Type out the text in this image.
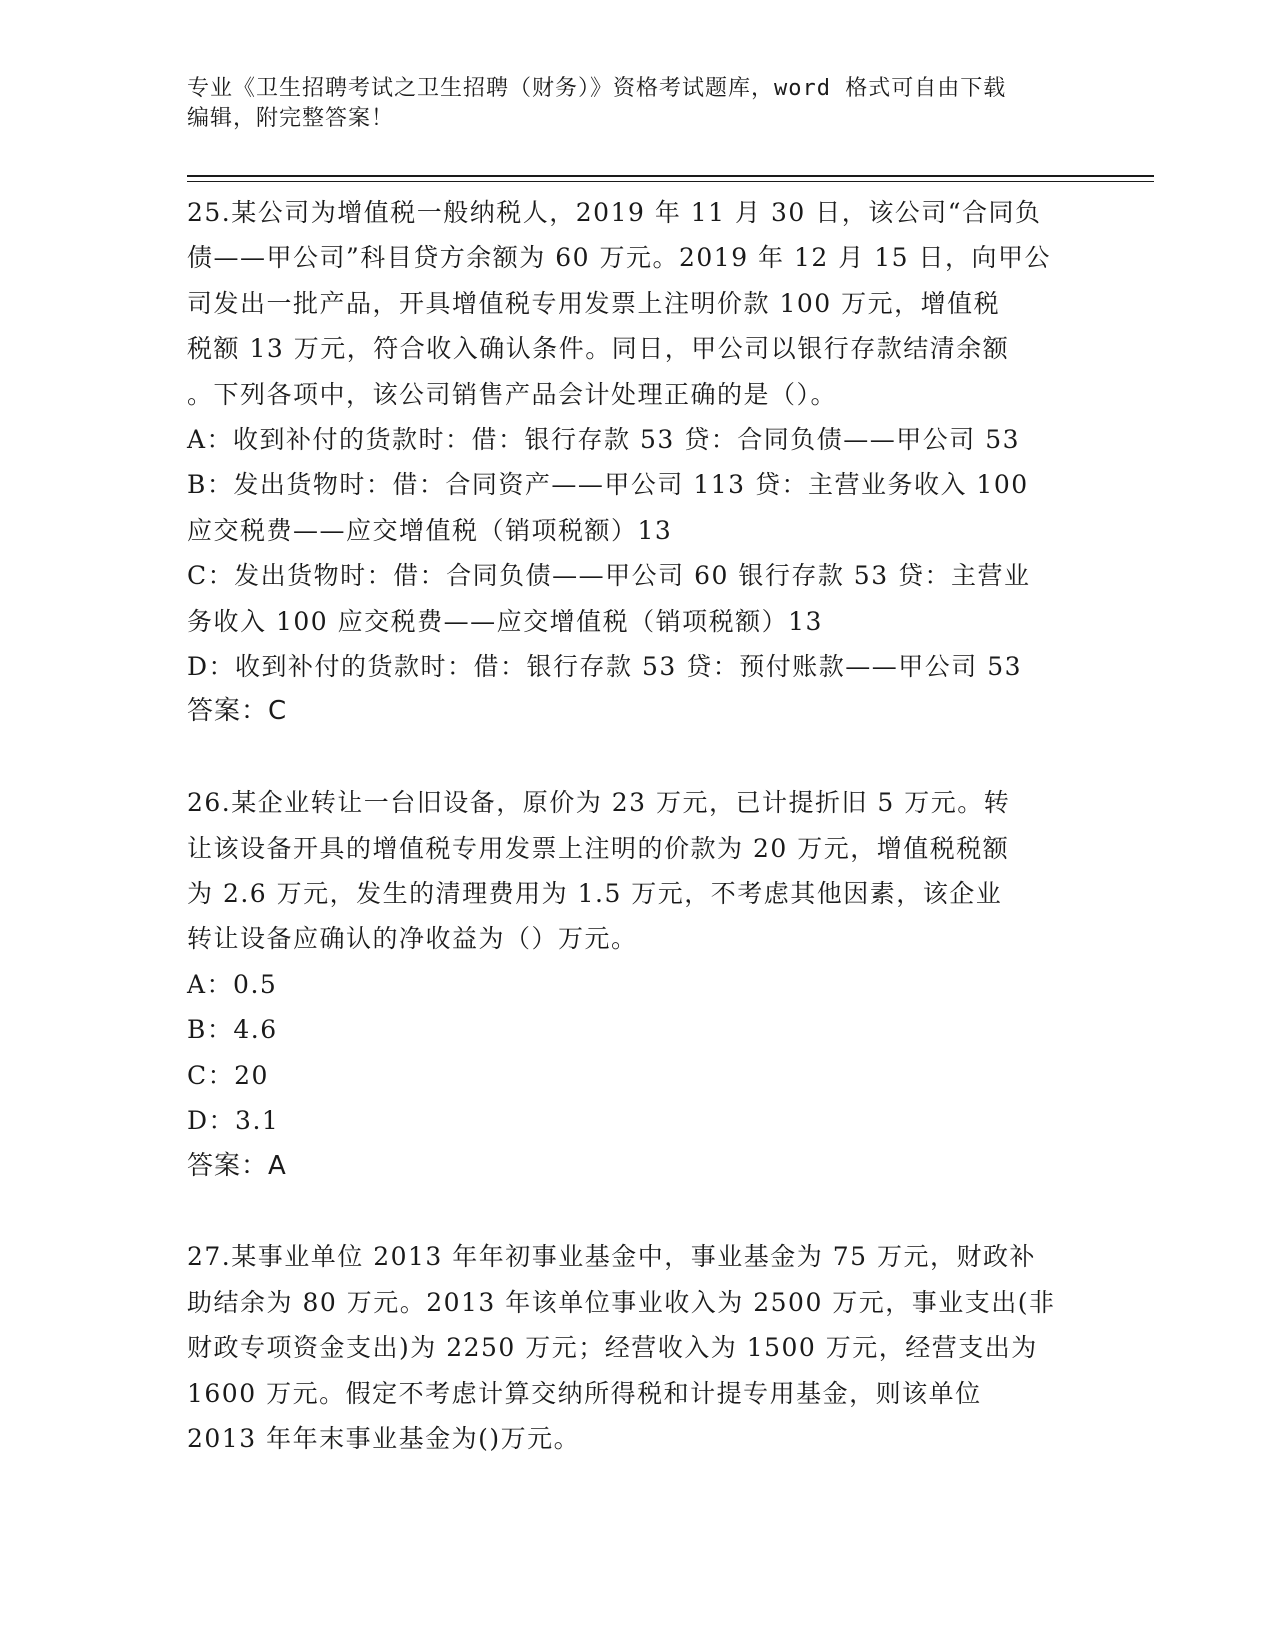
专业《卫生招聘考试之卫生招聘（财务）》资格考试题库，word 格式可自由下载
编辑，附完整答案！
25.某公司为增值税一般纳税人，2019 年 11 月 30 日，该公司“合同负
债——甲公司”科目贷方余额为 60 万元。2019 年 12 月 15 日，向甲公
司发出一批产品，开具增值税专用发票上注明价款 100 万元，增值税
税额 13 万元，符合收入确认条件。同日，甲公司以银行存款结清余额
。下列各项中，该公司销售产品会计处理正确的是（）。
A：收到补付的货款时：借：银行存款 53 贷：合同负债——甲公司 53
B：发出货物时：借：合同资产——甲公司 113 贷：主营业务收入 100
应交税费——应交增值税（销项税额）13
C：发出货物时：借：合同负债——甲公司 60 银行存款 53 贷：主营业
务收入 100 应交税费——应交增值税（销项税额）13
D：收到补付的货款时：借：银行存款 53 贷：预付账款——甲公司 53
答案：C
26.某企业转让一台旧设备，原价为 23 万元，已计提折旧 5 万元。转
让该设备开具的增值税专用发票上注明的价款为 20 万元，增值税税额
为 2.6 万元，发生的清理费用为 1.5 万元，不考虑其他因素，该企业
转让设备应确认的净收益为（）万元。
A：0.5
B：4.6
C：20
D：3.1
答案：A
27.某事业单位 2013 年年初事业基金中，事业基金为 75 万元，财政补
助结余为 80 万元。2013 年该单位事业收入为 2500 万元，事业支出(非
财政专项资金支出)为 2250 万元；经营收入为 1500 万元，经营支出为
1600 万元。假定不考虑计算交纳所得税和计提专用基金，则该单位
2013 年年末事业基金为()万元。
